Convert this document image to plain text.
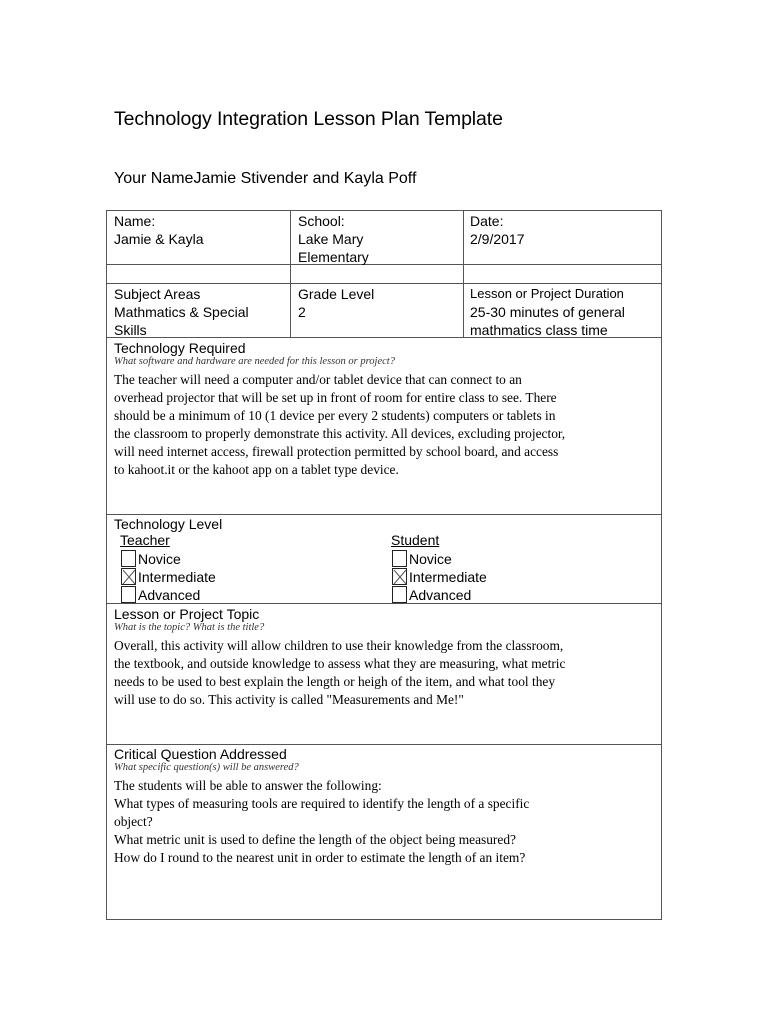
Technology Integration Lesson Plan Template
Your NameJamie Stivender and Kayla Poff
Name:
Jamie & Kayla
School:
Lake Mary
Elementary
Date:
2/9/2017
Subject Areas
Mathmatics & Special
Skills
Grade Level
2
Lesson or Project Duration
25-30 minutes of general
mathmatics class time
Technology Required
What software and hardware are needed for this lesson or project?
The teacher will need a computer and/or tablet device that can connect to an
overhead projector that will be set up in front of room for entire class to see. There
should be a minimum of 10 (1 device per every 2 students) computers or tablets in
the classroom to properly demonstrate this activity. All devices, excluding projector,
will need internet access, firewall protection permitted by school board, and access
to kahoot.it or the kahoot app on a tablet type device.
Technology Level
Teacher	Student
Novice
Intermediate
Advanced
Novice
Intermediate
Advanced
Lesson or Project Topic
What is the topic? What is the title?
Overall, this activity will allow children to use their knowledge from the classroom,
the textbook, and outside knowledge to assess what they are measuring, what metric
needs to be used to best explain the length or heigh of the item, and what tool they
will use to do so. This activity is called "Measurements and Me!"
Critical Question Addressed
What specific question(s) will be answered?
The students will be able to answer the following:
What types of measuring tools are required to identify the length of a specific
object?
What metric unit is used to define the length of the object being measured?
How do I round to the nearest unit in order to estimate the length of an item?
